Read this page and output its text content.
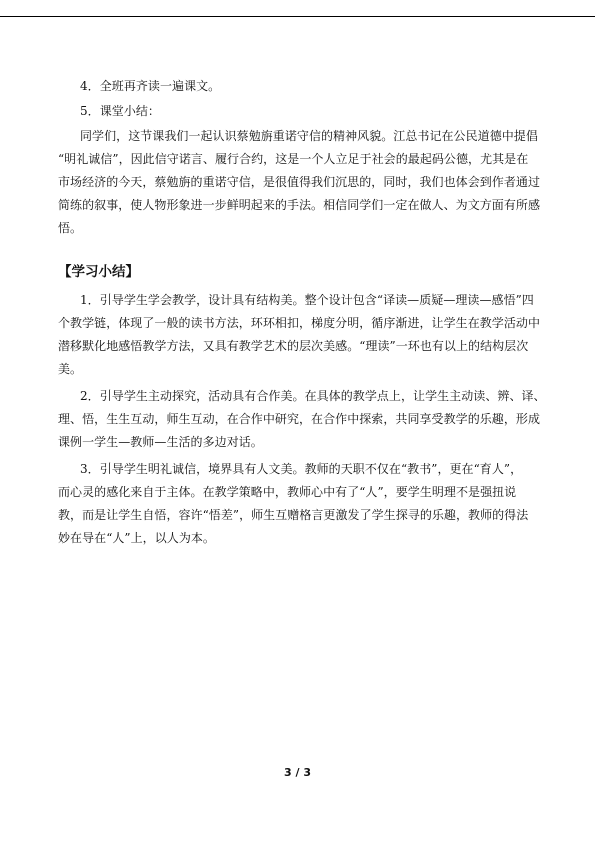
4．全班再齐读一遍课文。
5．课堂小结：
同学们，这节课我们一起认识蔡勉旃重诺守信的精神风貌。江总书记在公民道德中提倡
“明礼诚信”，因此信守诺言、履行合约，这是一个人立足于社会的最起码公德，尤其是在
市场经济的今天，蔡勉旃的重诺守信，是很值得我们沉思的，同时，我们也体会到作者通过
简练的叙事，使人物形象进一步鲜明起来的手法。相信同学们一定在做人、为文方面有所感
悟。
【学习小结】
1．引导学生学会教学，设计具有结构美。整个设计包含“译读—质疑—理读—感悟”四
个教学链，体现了一般的读书方法，环环相扣，梯度分明，循序渐进，让学生在教学活动中
潜移默化地感悟教学方法，又具有教学艺术的层次美感。“理读”一环也有以上的结构层次
美。
2．引导学生主动探究，活动具有合作美。在具体的教学点上，让学生主动读、辨、译、
理、悟，生生互动，师生互动，在合作中研究，在合作中探索，共同享受教学的乐趣，形成
课例一学生—教师—生活的多边对话。
3．引导学生明礼诚信，境界具有人文美。教师的天职不仅在“教书”，更在“育人”，
而心灵的感化来自于主体。在教学策略中，教师心中有了“人”，要学生明理不是强扭说
教，而是让学生自悟，容许“悟差”，师生互赠格言更激发了学生探寻的乐趣，教师的得法
妙在导在“人”上，以人为本。
3 / 3
